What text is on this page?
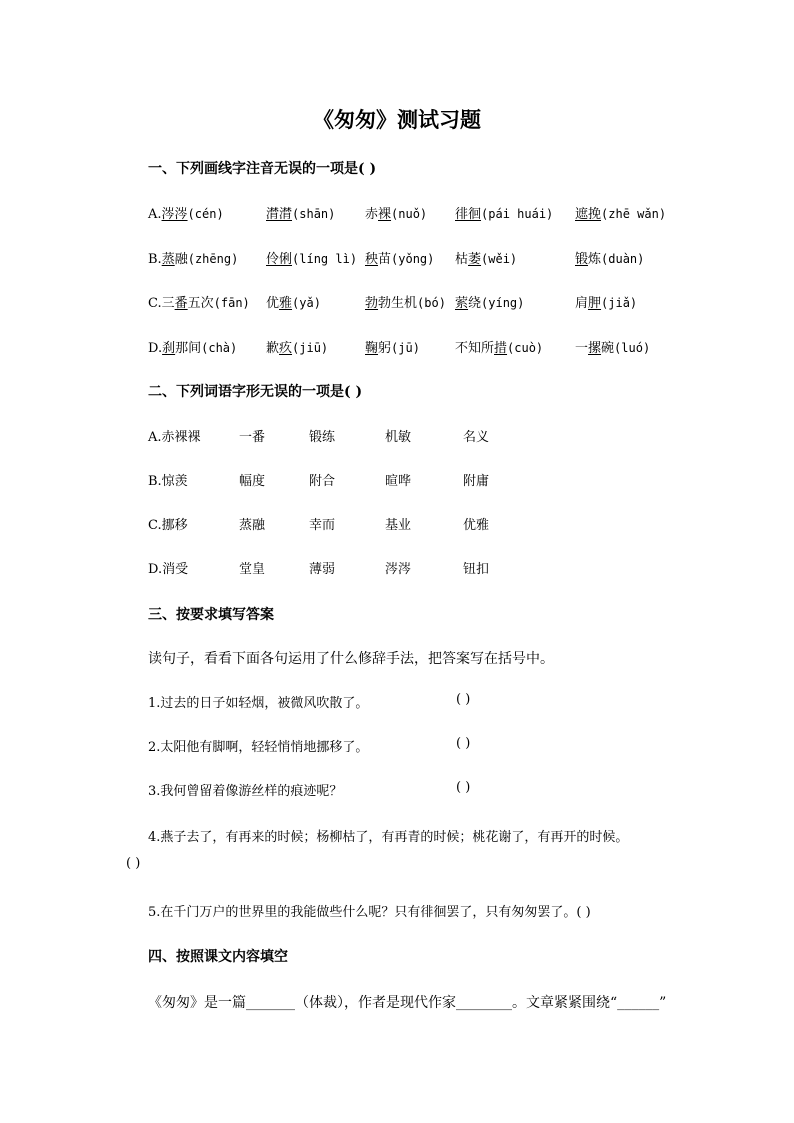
《匆匆》测试习题
一、下列画线字注音无误的一项是( )
A.涔涔(cén)	潸潸(shān) 赤裸(nuǒ) 徘徊(pái huái) 遮挽(zhē wǎn)
B.蒸融(zhēng) 伶俐(líng lì) 秧苗(yǒng) 枯萎(wěi)	锻炼(duàn)
C.三番五次(fān) 优雅(yǎ)	勃勃生机(bó) 萦绕(yíng)	肩胛(jiǎ)
D.刹那间(chà) 歉疚(jiū)	鞠躬(jū)	不知所措(cuò) 一摞碗(luó)
二、下列词语字形无误的一项是( )
A.赤裸裸	一番	锻练	机敏	名义
B.惊羡	幅度	附合	暄哗	附庸
C.挪移	蒸融	幸而	基业	优雅
D.消受	堂皇	薄弱	涔涔	钮扣
三、按要求填写答案
读句子，看看下面各句运用了什么修辞手法，把答案写在括号中。
1.过去的日子如轻烟，被微风吹散了。	( )
2.太阳他有脚啊，轻轻悄悄地挪移了。	( )
3.我何曾留着像游丝样的痕迹呢？	( )
4.燕子去了，有再来的时候；杨柳枯了，有再青的时候；桃花谢了，有再开的时候。
( )
5.在千门万户的世界里的我能做些什么呢？只有徘徊罢了，只有匆匆罢了。( )
四、按照课文内容填空
《匆匆》是一篇_______（体裁），作者是现代作家________。文章紧紧围绕“______”
